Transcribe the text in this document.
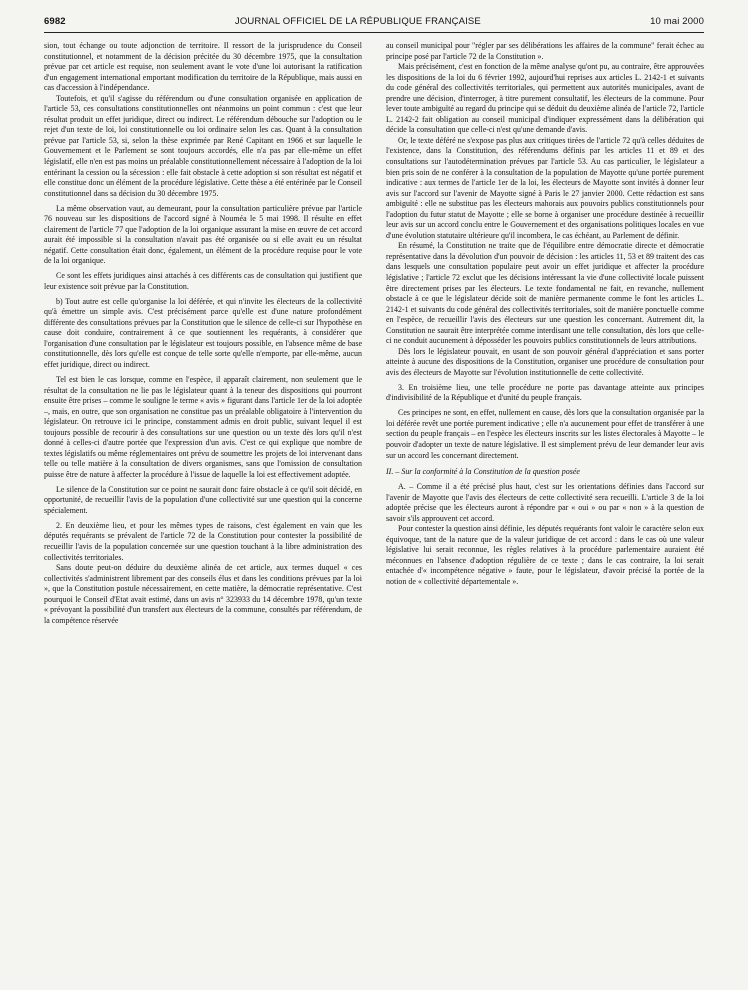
6982	JOURNAL OFFICIEL DE LA RÉPUBLIQUE FRANÇAISE	10 mai 2000

sion, tout échange ou toute adjonction de territoire. Il ressort de la jurisprudence du Conseil constitutionnel, et notamment de la décision précitée du 30 décembre 1975, que la consultation prévue par cet article est requise, non seulement avant le vote d'une loi autorisant la ratification d'un engagement international emportant modification du territoire de la République, mais aussi en cas d'accession à l'indépendance.

Toutefois, et qu'il s'agisse du référendum ou d'une consultation organisée en application de l'article 53, ces consultations constitutionnelles ont néanmoins un point commun : c'est que leur résultat produit un effet juridique, direct ou indirect. Le référendum débouche sur l'adoption ou le rejet d'un texte de loi, loi constitutionnelle ou loi ordinaire selon les cas. Quant à la consultation prévue par l'article 53, si, selon la thèse exprimée par René Capitant en 1966 et sur laquelle le Gouvernement et le Parlement se sont toujours accordés, elle n'a pas par elle-même un effet législatif, elle n'en est pas moins un préalable constitutionnellement nécessaire à l'adoption de la loi entérinant la cession ou la sécession : elle fait obstacle à cette adoption si son résultat est négatif et elle constitue donc un élément de la procédure législative. Cette thèse a été entérinée par le Conseil constitutionnel dans sa décision du 30 décembre 1975.

La même observation vaut, au demeurant, pour la consultation particulière prévue par l'article 76 nouveau sur les dispositions de l'accord signé à Nouméa le 5 mai 1998. Il résulte en effet clairement de l'article 77 que l'adoption de la loi organique assurant la mise en œuvre de cet accord aurait été impossible si la consultation n'avait pas été organisée ou si elle avait eu un résultat négatif. Cette consultation était donc, également, un élément de la procédure requise pour le vote de la loi organique.

Ce sont les effets juridiques ainsi attachés à ces différents cas de consultation qui justifient que leur existence soit prévue par la Constitution.

b) Tout autre est celle qu'organise la loi déférée, et qui n'invite les électeurs de la collectivité qu'à émettre un simple avis. C'est précisément parce qu'elle est d'une nature profondément différente des consultations prévues par la Constitution que le silence de celle-ci sur l'hypothèse en cause doit conduire, contrairement à ce que soutiennent les requérants, à considérer que l'organisation d'une consultation par le législateur est toujours possible, en l'absence même de base constitutionnelle, dès lors qu'elle est conçue de telle sorte qu'elle n'emporte, par elle-même, aucun effet juridique, direct ou indirect.

Tel est bien le cas lorsque, comme en l'espèce, il apparaît clairement, non seulement que le résultat de la consultation ne lie pas le législateur quant à la teneur des dispositions qui pourront ensuite être prises – comme le souligne le terme « avis » figurant dans l'article 1er de la loi adoptée –, mais, en outre, que son organisation ne constitue pas un préalable obligatoire à l'intervention du législateur. On retrouve ici le principe, constamment admis en droit public, suivant lequel il est toujours possible de recourir à des consultations sur une question ou un texte dès lors qu'il n'est donné à celles-ci d'autre portée que l'expression d'un avis. C'est ce qui explique que nombre de textes législatifs ou même réglementaires ont prévu de soumettre les projets de loi intervenant dans telle ou telle matière à la consultation de divers organismes, sans que l'omission de consultation puisse être de nature à affecter la procédure à l'issue de laquelle la loi est effectivement adoptée.

Le silence de la Constitution sur ce point ne saurait donc faire obstacle à ce qu'il soit décidé, en opportunité, de recueillir l'avis de la population d'une collectivité sur une question qui la concerne spécialement.

2. En deuxième lieu, et pour les mêmes types de raisons, c'est également en vain que les députés requérants se prévalent de l'article 72 de la Constitution pour contester la possibilité de recueillir l'avis de la population concernée sur une question touchant à la libre administration des collectivités territoriales.

Sans doute peut-on déduire du deuxième alinéa de cet article, aux termes duquel « ces collectivités s'administrent librement par des conseils élus et dans les conditions prévues par la loi », que la Constitution postule nécessairement, en cette matière, la démocratie représentative. C'est pourquoi le Conseil d'Etat avait estimé, dans un avis n° 323933 du 14 décembre 1978, qu'un texte « prévoyant la possibilité d'un transfert aux électeurs de la commune, consultés par référendum, de la compétence réservée

au conseil municipal pour "régler par ses délibérations les affaires de la commune" ferait échec au principe posé par l'article 72 de la Constitution ».

Mais précisément, c'est en fonction de la même analyse qu'ont pu, au contraire, être approuvées les dispositions de la loi du 6 février 1992, aujourd'hui reprises aux articles L. 2142-1 et suivants du code général des collectivités territoriales, qui permettent aux autorités municipales, avant de prendre une décision, d'interroger, à titre purement consultatif, les électeurs de la commune. Pour lever toute ambiguïté au regard du principe qui se déduit du deuxième alinéa de l'article 72, l'article L. 2142-2 fait obligation au conseil municipal d'indiquer expressément dans la délibération qui décide la consultation que celle-ci n'est qu'une demande d'avis.

Or, le texte déféré ne s'expose pas plus aux critiques tirées de l'article 72 qu'à celles déduites de l'existence, dans la Constitution, des référendums définis par les articles 11 et 89 et des consultations sur l'autodétermination prévues par l'article 53. Au cas particulier, le législateur a bien pris soin de ne conférer à la consultation de la population de Mayotte qu'une portée purement indicative : aux termes de l'article 1er de la loi, les électeurs de Mayotte sont invités à donner leur avis sur l'accord sur l'avenir de Mayotte signé à Paris le 27 janvier 2000. Cette rédaction est sans ambiguïté : elle ne substitue pas les électeurs mahorais aux pouvoirs publics constitutionnels pour l'adoption du futur statut de Mayotte ; elle se borne à organiser une procédure destinée à recueillir leur avis sur un accord conclu entre le Gouvernement et des organisations politiques locales en vue d'une évolution statutaire ultérieure qu'il incombera, le cas échéant, au Parlement de définir.

En résumé, la Constitution ne traite que de l'équilibre entre démocratie directe et démocratie représentative dans la dévolution d'un pouvoir de décision : les articles 11, 53 et 89 traitent des cas dans lesquels une consultation populaire peut avoir un effet juridique et affecter la procédure législative ; l'article 72 exclut que les décisions intéressant la vie d'une collectivité locale puissent être directement prises par les électeurs. Le texte fondamental ne fait, en revanche, nullement obstacle à ce que le législateur décide soit de manière permanente comme le font les articles L. 2142-1 et suivants du code général des collectivités territoriales, soit de manière ponctuelle comme en l'espèce, de recueillir l'avis des électeurs sur une question les concernant. Autrement dit, la Constitution ne saurait être interprétée comme interdisant une telle consultation, dès lors que celle-ci ne conduit aucunement à déposséder les pouvoirs publics constitutionnels de leurs attributions.

Dès lors le législateur pouvait, en usant de son pouvoir général d'appréciation et sans porter atteinte à aucune des dispositions de la Constitution, organiser une procédure de consultation pour avis des électeurs de Mayotte sur l'évolution institutionnelle de cette collectivité.

3. En troisième lieu, une telle procédure ne porte pas davantage atteinte aux principes d'indivisibilité de la République et d'unité du peuple français.

Ces principes ne sont, en effet, nullement en cause, dès lors que la consultation organisée par la loi déférée revêt une portée purement indicative ; elle n'a aucunement pour effet de transférer à une section du peuple français – en l'espèce les électeurs inscrits sur les listes électorales à Mayotte – le pouvoir d'adopter un texte de nature législative. Il est simplement prévu de leur demander leur avis sur un accord les concernant directement.

II. – Sur la conformité à la Constitution de la question posée

A. – Comme il a été précisé plus haut, c'est sur les orientations définies dans l'accord sur l'avenir de Mayotte que l'avis des électeurs de cette collectivité sera recueilli. L'article 3 de la loi adoptée précise que les électeurs auront à répondre par « oui » ou par « non » à la question de savoir s'ils approuvent cet accord.

Pour contester la question ainsi définie, les députés requérants font valoir le caractère selon eux équivoque, tant de la nature que de la valeur juridique de cet accord : dans le cas où une valeur législative lui serait reconnue, les règles relatives à la procédure parlementaire auraient été méconnues en l'absence d'adoption régulière de ce texte ; dans le cas contraire, la loi serait entachée d'« incompétence négative » faute, pour le législateur, d'avoir précisé la portée de la notion de « collectivité départementale ».
